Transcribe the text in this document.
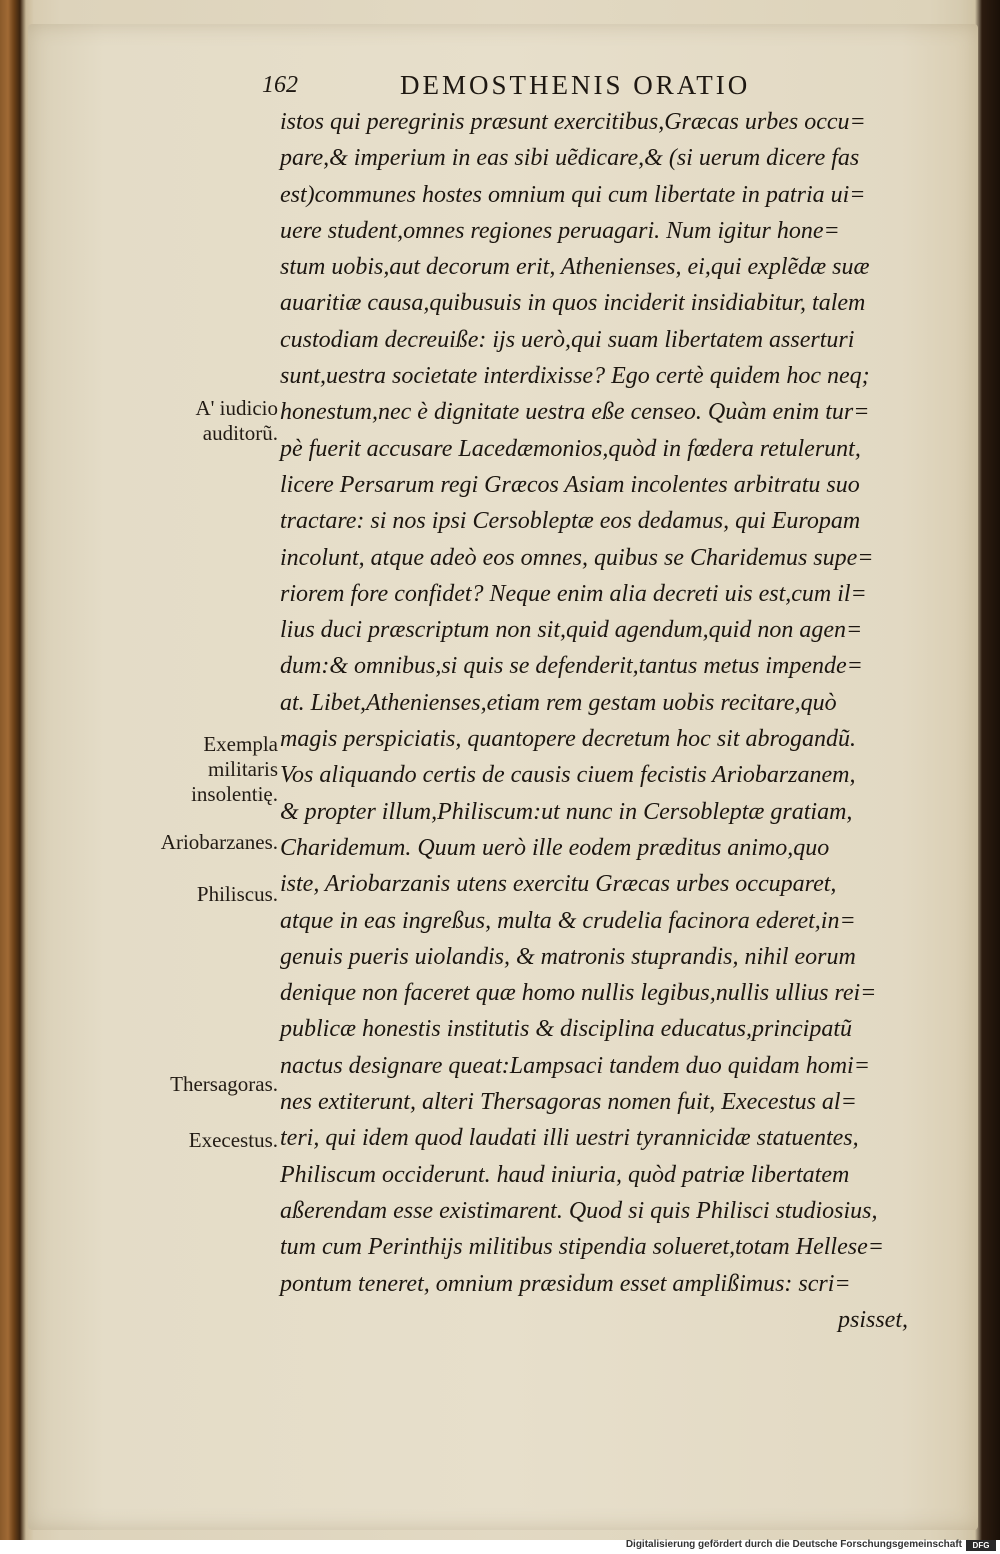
162	DEMOSTHENIS ORATIO
istos qui peregrinis præsunt exercitibus,Græcas urbes occu=
pare,& imperium in eas sibi uẽdicare,& (si uerum dicere fas
est)communes hostes omnium qui cum libertate in patria ui=
uere student,omnes regiones peruagari. Num igitur hone=
stum uobis,aut decorum erit, Athenienses, ei,qui explẽdæ suæ
auaritiæ causa,quibusuis in quos inciderit insidiabitur, talem
custodiam decreuiße: ijs uerò,qui suam libertatem asserturi
sunt,uestra societate interdixisse? Ego certè quidem hoc neq;
honestum,nec è dignitate uestra eße censeo. Quàm enim tur=
pè fuerit accusare Lacedæmonios,quòd in fœdera retulerunt,
licere Persarum regi Græcos Asiam incolentes arbitratu suo
tractare: si nos ipsi Cersobleptæ eos dedamus, qui Europam
incolunt, atque adeò eos omnes, quibus se Charidemus supe=
riorem fore confidet? Neque enim alia decreti uis est,cum il=
lius duci præscriptum non sit,quid agendum,quid non agen=
dum:& omnibus,si quis se defenderit,tantus metus impende=
at. Libet,Athenienses,etiam rem gestam uobis recitare,quò
magis perspiciatis, quantopere decretum hoc sit abrogandũ.
Vos aliquando certis de causis ciuem fecistis Ariobarzanem,
& propter illum,Philiscum:ut nunc in Cersobleptæ gratiam,
Charidemum. Quum uerò ille eodem præditus animo,quo
iste, Ariobarzanis utens exercitu Græcas urbes occuparet,
atque in eas ingreßus, multa & crudelia facinora ederet,in=
genuis pueris uiolandis, & matronis stuprandis, nihil eorum
denique non faceret quæ homo nullis legibus,nullis ullius rei=
publicæ honestis institutis & disciplina educatus,principatũ
nactus designare queat:Lampsaci tandem duo quidam homi=
nes extiterunt, alteri Thersagoras nomen fuit, Execestus al=
teri, qui idem quod laudati illi uestri tyrannicidæ statuentes,
Philiscum occiderunt. haud iniuria, quòd patriæ libertatem
aßerendam esse existimarent. Quod si quis Philisci studiosius,
tum cum Perinthijs militibus stipendia solueret,totam Hellese=
pontum teneret, omnium præsidum esset amplißimus: scri=
psisset,
A' iudicio auditorũ.
Exempla militaris insolentię.
Ariobarzanes.
Philiscus.
Thersagoras.
Execestus.
Digitalisierung gefördert durch die Deutsche Forschungsgemeinschaft	DFG
